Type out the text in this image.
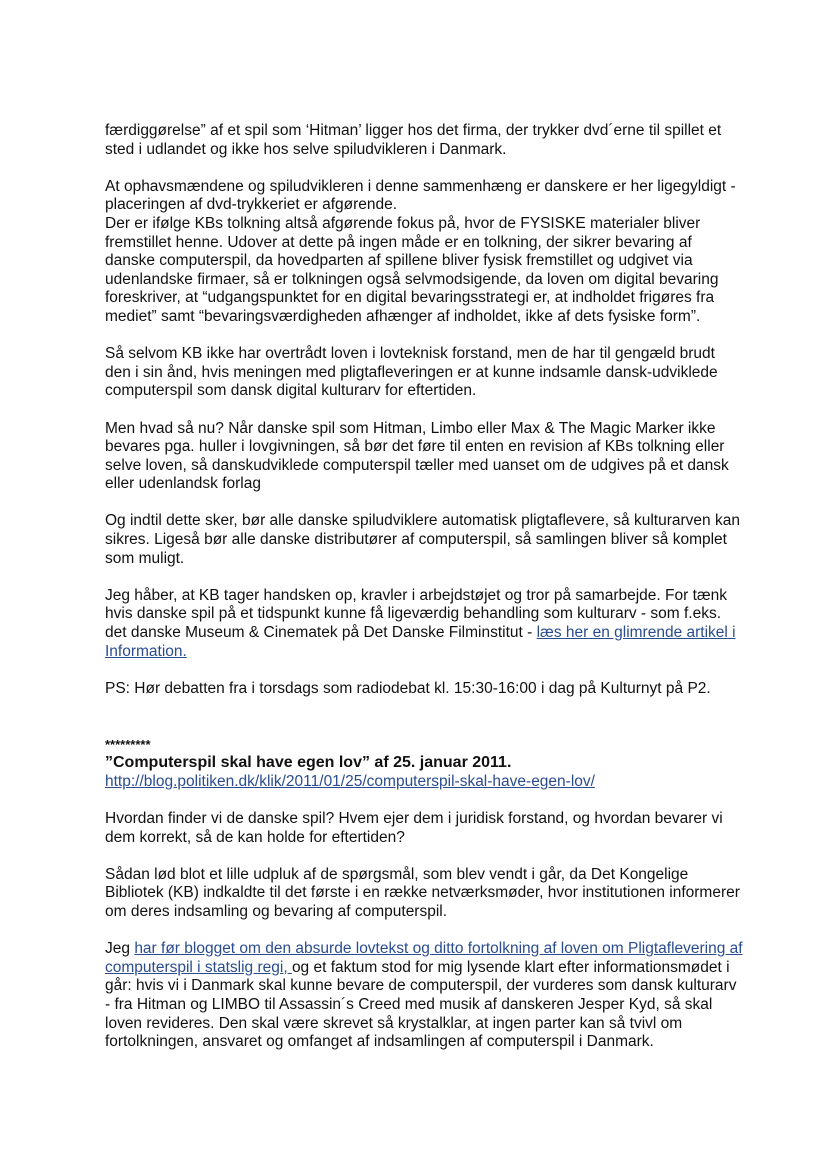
færdiggørelse” af et spil som ‘Hitman’ ligger hos det firma, der trykker dvd´erne til spillet et sted i udlandet og ikke hos selve spiludvikleren i Danmark.

At ophavsmændene og spiludvikleren i denne sammenhæng er danskere er her ligegyldigt - placeringen af dvd-trykkeriet er afgørende.
Der er ifølge KBs tolkning altså afgørende fokus på, hvor de FYSISKE materialer bliver fremstillet henne. Udover at dette på ingen måde er en tolkning, der sikrer bevaring af danske computerspil, da hovedparten af spillene bliver fysisk fremstillet og udgivet via udenlandske firmaer, så er tolkningen også selvmodsigende, da loven om digital bevaring foreskriver, at “udgangspunktet for en digital bevaringsstrategi er, at indholdet frigøres fra mediet” samt “bevaringsværdigheden afhænger af indholdet, ikke af dets fysiske form”.

Så selvom KB ikke har overtrådt loven i lovteknisk forstand, men de har til gengæld brudt den i sin ånd, hvis meningen med pligtafleveringen er at kunne indsamle dansk-udviklede computerspil som dansk digital kulturarv for eftertiden.

Men hvad så nu? Når danske spil som Hitman, Limbo eller Max & The Magic Marker ikke bevares pga. huller i lovgivningen, så bør det føre til enten en revision af KBs tolkning eller selve loven, så danskudviklede computerspil tæller med uanset om de udgives på et dansk eller udenlandsk forlag

Og indtil dette sker, bør alle danske spiludviklere automatisk pligtaflevere, så kulturarven kan sikres. Ligeså bør alle danske distributører af computerspil, så samlingen bliver så komplet som muligt.

Jeg håber, at KB tager handsken op, kravler i arbejdstøjet og tror på samarbejde. For tænk hvis danske spil på et tidspunkt kunne få ligeværdig behandling som kulturarv - som f.eks. det danske Museum & Cinematek på Det Danske Filminstitut - læs her en glimrende artikel i Information.

PS: Hør debatten fra i torsdags som radiodebat kl. 15:30-16:00 i dag på Kulturnyt på P2.

*********
”Computerspil skal have egen lov” af 25. januar 2011.

http://blog.politiken.dk/klik/2011/01/25/computerspil-skal-have-egen-lov/

Hvordan finder vi de danske spil? Hvem ejer dem i juridisk forstand, og hvordan bevarer vi dem korrekt, så de kan holde for eftertiden?

Sådan lød blot et lille udpluk af de spørgsmål, som blev vendt i går, da Det Kongelige Bibliotek (KB) indkaldte til det første i en række netværksmøder, hvor institutionen informerer om deres indsamling og bevaring af computerspil.

Jeg har før blogget om den absurde lovtekst og ditto fortolkning af loven om Pligtaflevering af computerspil i statslig regi, og et faktum stod for mig lysende klart efter informationsmødet i går: hvis vi i Danmark skal kunne bevare de computerspil, der vurderes som dansk kulturarv - fra Hitman og LIMBO til Assassin´s Creed med musik af danskeren Jesper Kyd, så skal loven revideres. Den skal være skrevet så krystalklar, at ingen parter kan så tvivl om fortolkningen, ansvaret og omfanget af indsamlingen af computerspil i Danmark.
